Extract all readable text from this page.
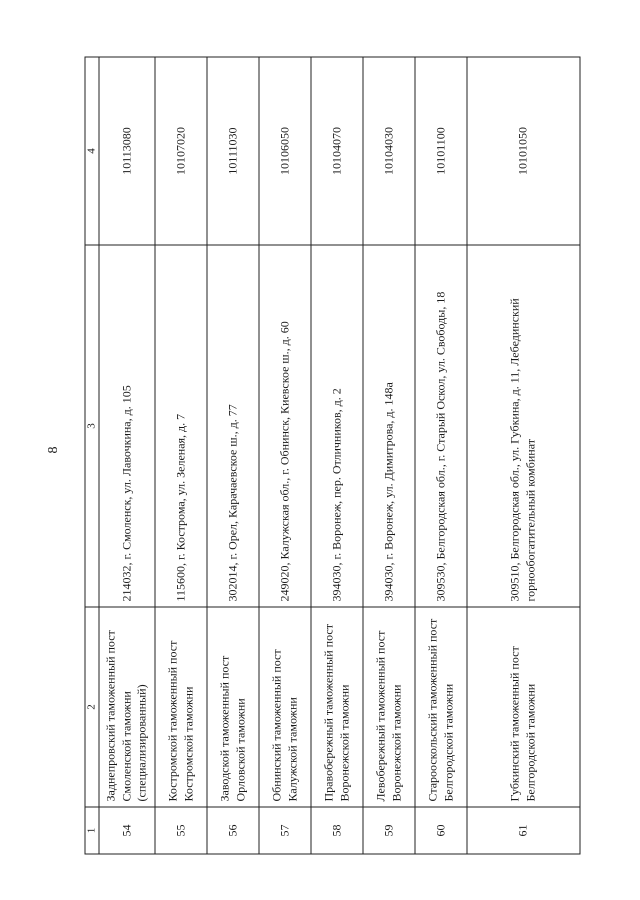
8
1	2	3	4
54	Заднепровский таможенный пост Смоленской таможни (специализированный)	214032, г. Смоленск, ул. Лавочкина, д. 105	10113080
55	Костромской таможенный пост Костромской таможни	115600, г. Кострома, ул. Зеленая, д. 7	10107020
56	Заводской таможенный пост Орловской таможни	302014, г. Орел, Карачаевское ш., д. 77	10111030
57	Обнинский таможенный пост Калужской таможни	249020, Калужская обл., г. Обнинск, Киевское ш., д. 60	10106050
58	Правобережный таможенный пост Воронежской таможни	394030, г. Воронеж, пер. Отличников, д. 2	10104070
59	Левобережный таможенный пост Воронежской таможни	394030, г. Воронеж, ул. Димитрова, д. 148а	10104030
60	Старооскольский таможенный пост Белгородской таможни	309530, Белгородская обл., г. Старый Оскол, ул. Свободы, 18	10101100
61	Губкинский таможенный пост Белгородской таможни	309510, Белгородская обл., ул. Губкина, д. 11, Лебединский горнообогатительный комбинат	10101050
